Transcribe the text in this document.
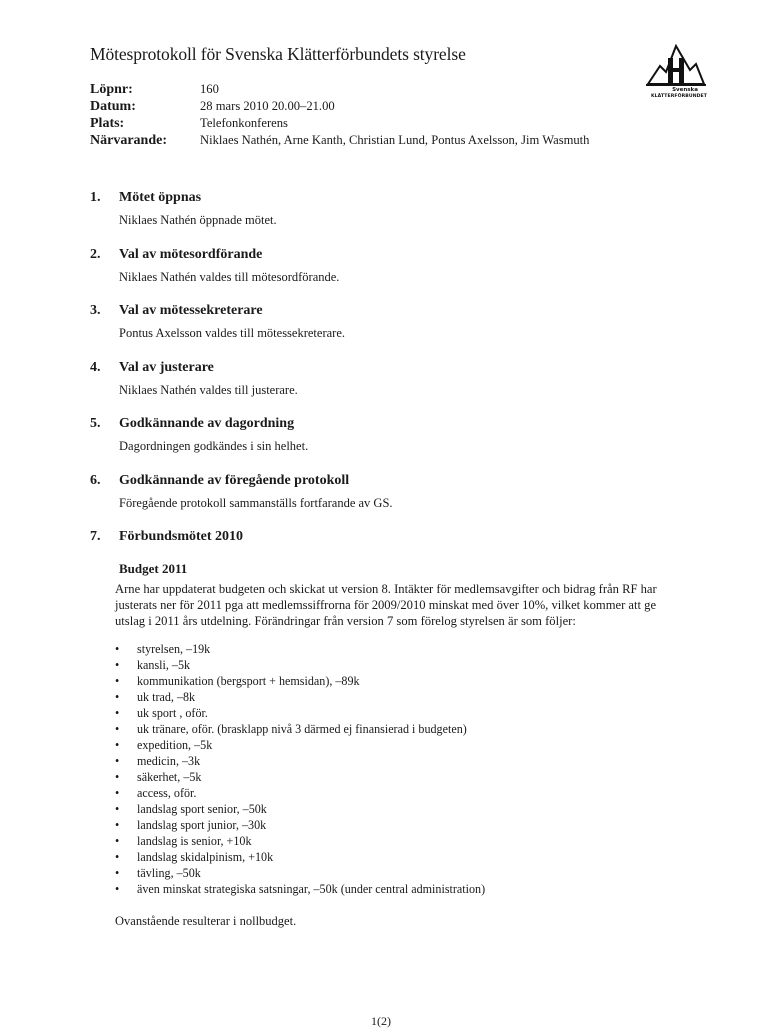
Mötesprotokoll för Svenska Klätterförbundets styrelse
Svenska
KLÄTTERFÖRBUNDET
Löpnr:	160
Datum:	28 mars 2010 20.00–21.00
Plats:	Telefonkonferens
Närvarande:	Niklaes Nathén, Arne Kanth, Christian Lund, Pontus Axelsson, Jim Wasmuth
1.	Mötet öppnas
Niklaes Nathén öppnade mötet.
2.	Val av mötesordförande
Niklaes Nathén valdes till mötesordförande.
3.	Val av mötessekreterare
Pontus Axelsson valdes till mötessekreterare.
4.	Val av justerare
Niklaes Nathén valdes till justerare.
5.	Godkännande av dagordning
Dagordningen godkändes i sin helhet.
6.	Godkännande av föregående protokoll
Föregående protokoll sammanställs fortfarande av GS.
7.	Förbundsmötet 2010
Budget 2011
Arne har uppdaterat budgeten och skickat ut version 8. Intäkter för medlemsavgifter och bidrag från RF har justerats ner för 2011 pga att medlemssiffrorna för 2009/2010 minskat med över 10%, vilket kommer att ge utslag i 2011 års utdelning. Förändringar från version 7 som förelog styrelsen är som följer:
•	styrelsen, –19k
•	kansli, –5k
•	kommunikation (bergsport + hemsidan), –89k
•	uk trad, –8k
•	uk sport , oför.
•	uk tränare, oför. (brasklapp nivå 3 därmed ej finansierad i budgeten)
•	expedition, –5k
•	medicin, –3k
•	säkerhet, –5k
•	access, oför.
•	landslag sport senior, –50k
•	landslag sport junior, –30k
•	landslag is senior, +10k
•	landslag skidalpinism, +10k
•	tävling, –50k
•	även minskat strategiska satsningar, –50k (under central administration)
Ovanstående resulterar i nollbudget.
1(2)
